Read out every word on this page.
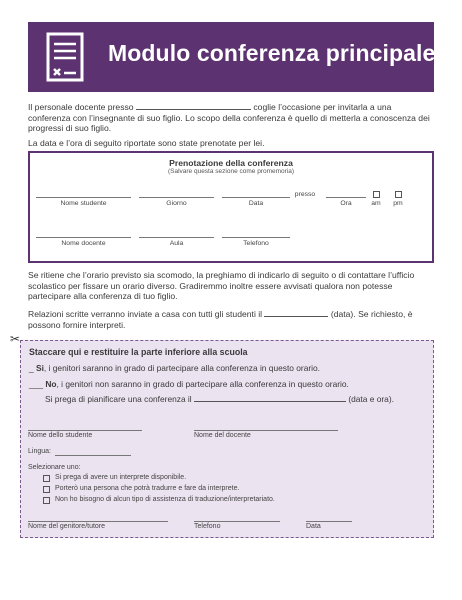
Modulo conferenza principale

Il personale docente presso	coglie l’occasione per invitarla a una conferenza con l’insegnante di suo figlio. Lo scopo della conferenza è quello di metterla a conoscenza dei progressi di suo figlio.

La data e l’ora di seguito riportate sono state prenotate per lei.

Prenotazione della conferenza
(Salvare questa sezione come promemoria)
Nome studente	Giorno	Data
presso
Ora	am	pm
Nome docente	Aula	Telefono

Se ritiene che l’orario previsto sia scomodo, la preghiamo di indicarlo di seguito o di contattare l’ufficio scolastico per fissare un orario diverso. Gradiremmo inoltre essere avvisati qualora non potesse partecipare alla conferenza di tuo figlio.

Relazioni scritte verranno inviate a casa con tutti gli studenti il	(data). Se richiesto, è possono fornire interpreti.

✂
Staccare qui e restituire la parte inferiore alla scuola
_ Si, i genitori saranno in grado di partecipare alla conferenza in questo orario.
___ No, i genitori non saranno in grado di partecipare alla conferenza in questo orario.
Si prega di pianificare una conferenza il	(data e ora).
Nome dello studente	Nome del docente
Lingua:
Selezionare uno:
Si prega di avere un interprete disponibile.
Porterò una persona che potrà tradurre e fare da interprete.
Non ho bisogno di alcun tipo di assistenza di traduzione/interpretariato.
Nome del genitore/tutore	Telefono	Data
